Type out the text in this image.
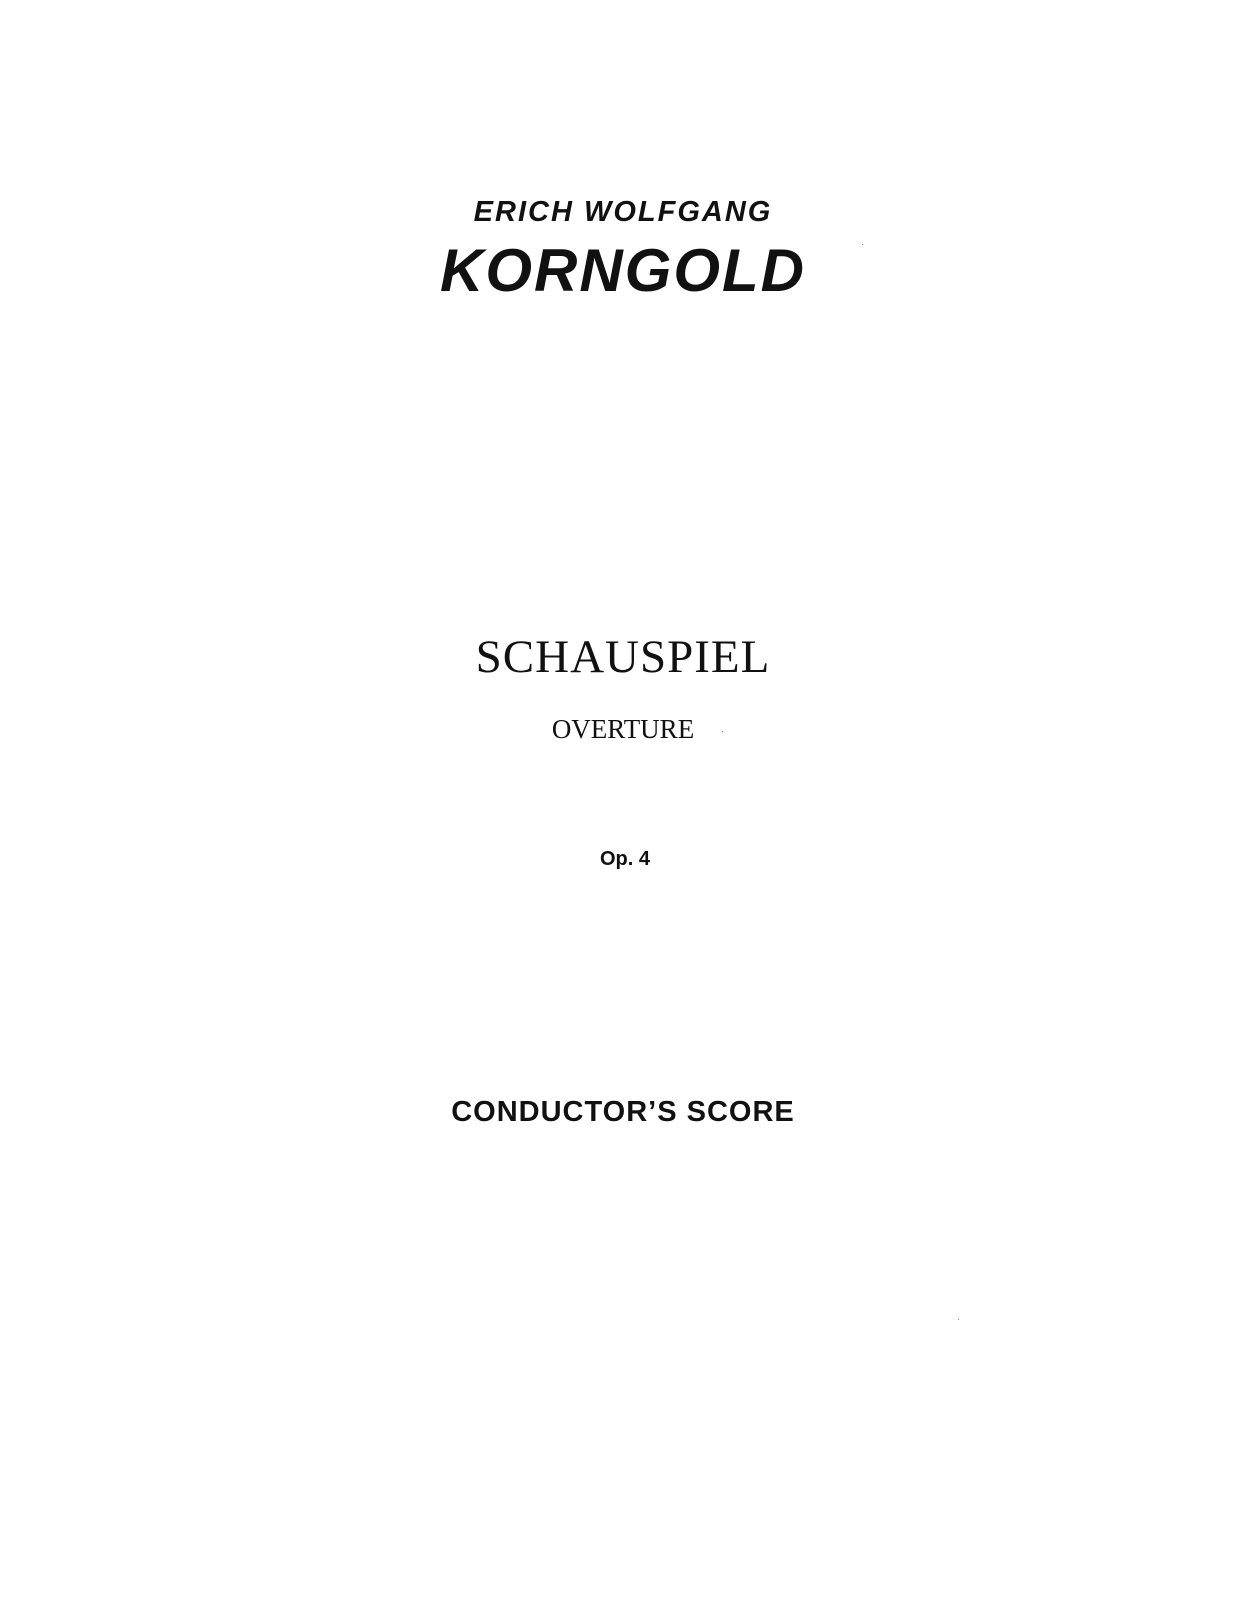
ERICH WOLFGANG
KORNGOLD
SCHAUSPIEL
OVERTURE
Op. 4
CONDUCTOR’S SCORE
